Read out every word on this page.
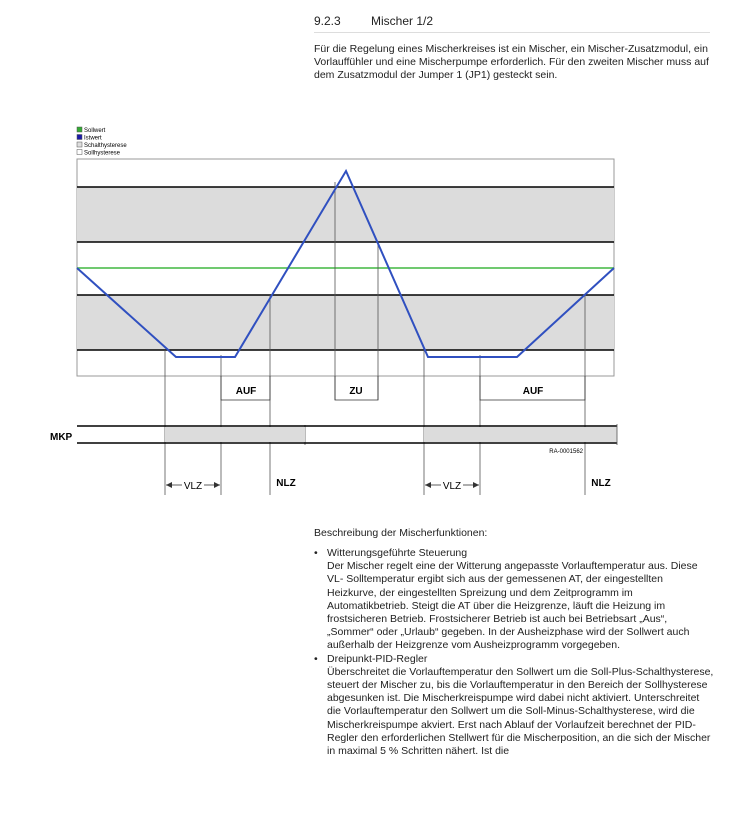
9.2.3	Mischer 1/2

Für die Regelung eines Mischerkreises ist ein Mischer, ein Mischer-Zusatzmodul, ein Vorlauffühler und eine Mischerpumpe erforderlich. Für den zweiten Mischer muss auf dem Zusatzmodul der Jumper 1 (JP1) gesteckt sein.

Sollwert
Istwert
Schalthysterese
Sollhysterese
AUF	ZU	AUF
MKP
RA-0001562
VLZ	NLZ	VLZ	NLZ

Beschreibung der Mischerfunktionen:

• Witterungsgeführte Steuerung
Der Mischer regelt eine der Witterung angepasste Vorlauftemperatur aus. Diese VL- Solltemperatur ergibt sich aus der gemessenen AT, der eingestellten Heizkurve, der eingestellten Spreizung und dem Zeitprogramm im Automatikbetrieb. Steigt die AT über die Heizgrenze, läuft die Heizung im frostsicheren Betrieb. Frostsicherer Betrieb ist auch bei Betriebsart „Aus“, „Sommer“ oder „Urlaub“ gegeben. In der Ausheizphase wird der Sollwert auch außerhalb der Heizgrenze vom Ausheizprogramm vorgegeben.
• Dreipunkt-PID-Regler
Überschreitet die Vorlauftemperatur den Sollwert um die Soll-Plus-Schalthysterese, steuert der Mischer zu, bis die Vorlauftemperatur in den Bereich der Sollhysterese abgesunken ist. Die Mischerkreispumpe wird dabei nicht aktiviert. Unterschreitet die Vorlauftemperatur den Sollwert um die Soll-Minus-Schalthysterese, wird die Mischerkreispumpe akviert. Erst nach Ablauf der Vorlaufzeit berechnet der PID-Regler den erforderlichen Stellwert für die Mischerposition, an die sich der Mischer in maximal 5 % Schritten nähert. Ist die
